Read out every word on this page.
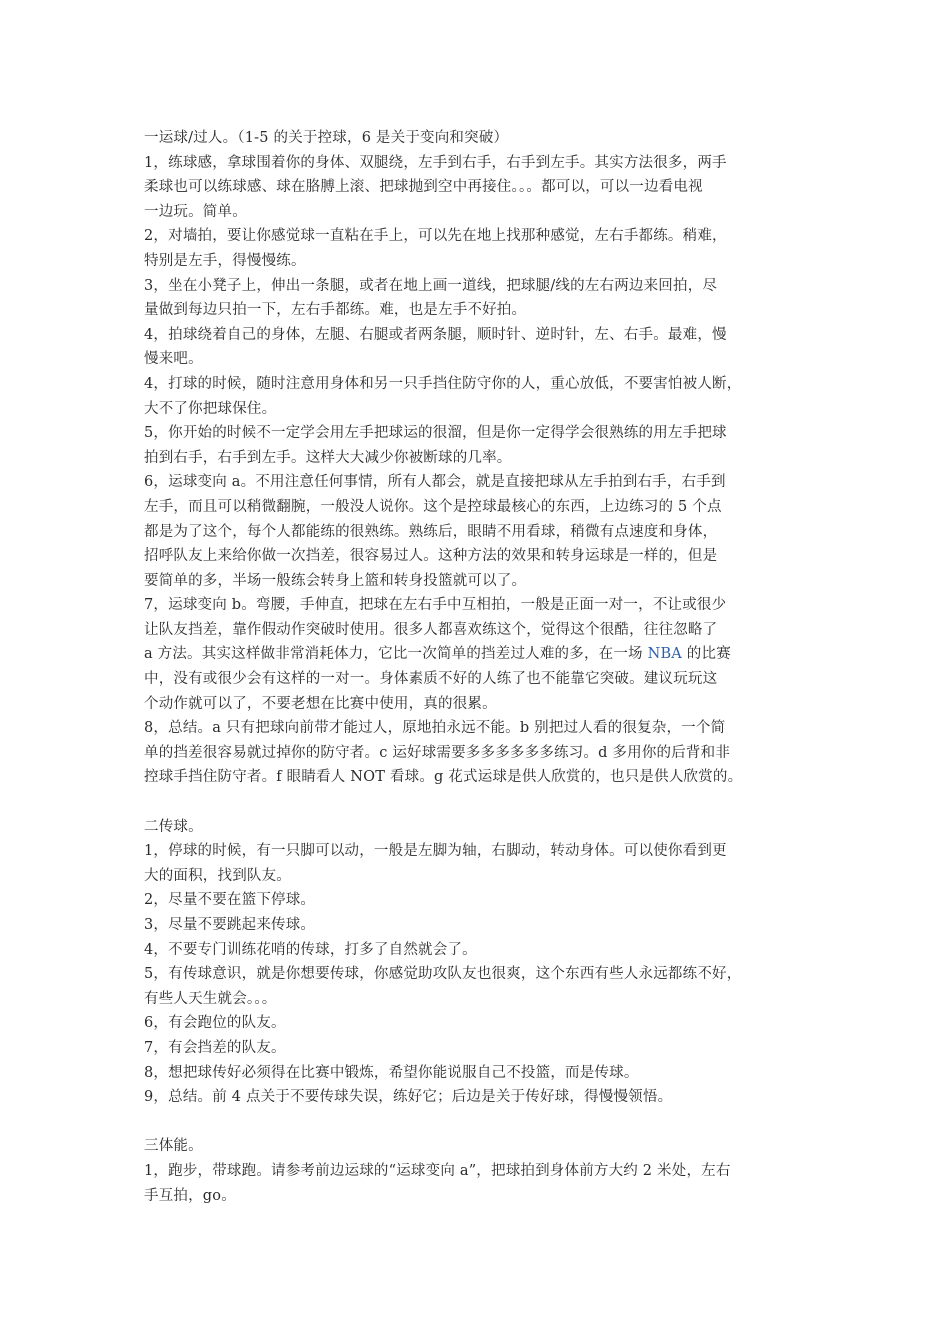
一运球/过人。（1-5 的关于控球，6 是关于变向和突破）
1，练球感，拿球围着你的身体、双腿绕，左手到右手，右手到左手。其实方法很多，两手
柔球也可以练球感、球在胳膊上滚、把球抛到空中再接住。。。都可以，可以一边看电视
一边玩。简单。
2，对墙拍，要让你感觉球一直粘在手上，可以先在地上找那种感觉，左右手都练。稍难，
特别是左手，得慢慢练。
3，坐在小凳子上，伸出一条腿，或者在地上画一道线，把球腿/线的左右两边来回拍，尽
量做到每边只拍一下，左右手都练。难，也是左手不好拍。
4，拍球绕着自己的身体，左腿、右腿或者两条腿，顺时针、逆时针，左、右手。最难，慢
慢来吧。
4，打球的时候，随时注意用身体和另一只手挡住防守你的人，重心放低，不要害怕被人断，
大不了你把球保住。
5，你开始的时候不一定学会用左手把球运的很溜，但是你一定得学会很熟练的用左手把球
拍到右手，右手到左手。这样大大减少你被断球的几率。
6，运球变向 a。不用注意任何事情，所有人都会，就是直接把球从左手拍到右手，右手到
左手，而且可以稍微翻腕，一般没人说你。这个是控球最核心的东西，上边练习的 5 个点
都是为了这个，每个人都能练的很熟练。熟练后，眼睛不用看球，稍微有点速度和身体，
招呼队友上来给你做一次挡差，很容易过人。这种方法的效果和转身运球是一样的，但是
要简单的多，半场一般练会转身上篮和转身投篮就可以了。
7，运球变向 b。弯腰，手伸直，把球在左右手中互相拍，一般是正面一对一，不让或很少
让队友挡差，靠作假动作突破时使用。很多人都喜欢练这个，觉得这个很酷，往往忽略了
a 方法。其实这样做非常消耗体力，它比一次简单的挡差过人难的多，在一场 NBA 的比赛
中，没有或很少会有这样的一对一。身体素质不好的人练了也不能靠它突破。建议玩玩这
个动作就可以了，不要老想在比赛中使用，真的很累。
8，总结。a 只有把球向前带才能过人，原地拍永远不能。b 别把过人看的很复杂，一个简
单的挡差很容易就过掉你的防守者。c 运好球需要多多多多多多练习。d 多用你的后背和非
控球手挡住防守者。f 眼睛看人 NOT 看球。g 花式运球是供人欣赏的，也只是供人欣赏的。
二传球。
1，停球的时候，有一只脚可以动，一般是左脚为轴，右脚动，转动身体。可以使你看到更
大的面积，找到队友。
2，尽量不要在篮下停球。
3，尽量不要跳起来传球。
4，不要专门训练花哨的传球，打多了自然就会了。
5，有传球意识，就是你想要传球，你感觉助攻队友也很爽，这个东西有些人永远都练不好，
有些人天生就会。。。
6，有会跑位的队友。
7，有会挡差的队友。
8，想把球传好必须得在比赛中锻炼，希望你能说服自己不投篮，而是传球。
9，总结。前 4 点关于不要传球失误，练好它；后边是关于传好球，得慢慢领悟。
三体能。
1，跑步，带球跑。请参考前边运球的“运球变向 a”，把球拍到身体前方大约 2 米处，左右
手互拍，go。
